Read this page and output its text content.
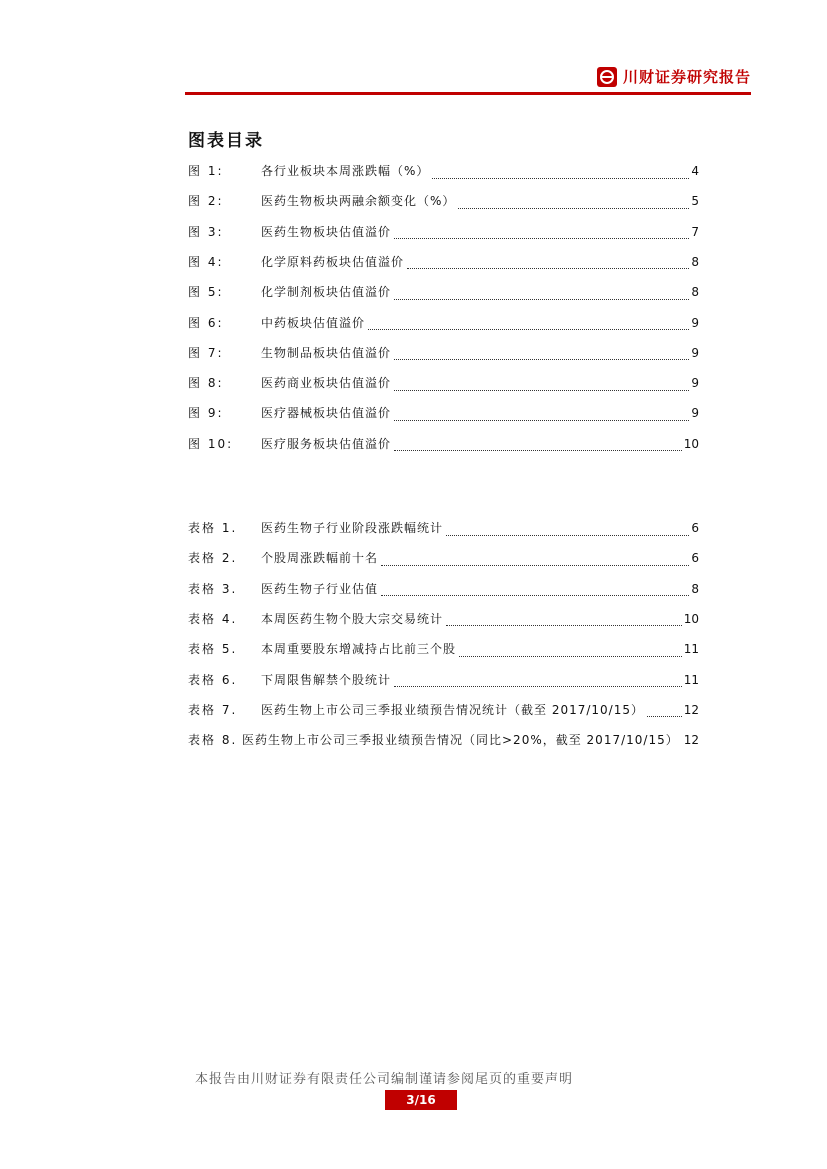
川财证券研究报告
图表目录
图 1:	各行业板块本周涨跌幅（%）	4
图 2:	医药生物板块两融余额变化（%）	5
图 3:	医药生物板块估值溢价	7
图 4:	化学原料药板块估值溢价	8
图 5:	化学制剂板块估值溢价	8
图 6:	中药板块估值溢价	9
图 7:	生物制品板块估值溢价	9
图 8:	医药商业板块估值溢价	9
图 9:	医疗器械板块估值溢价	9
图 10:	医疗服务板块估值溢价	10
表格 1.	医药生物子行业阶段涨跌幅统计	6
表格 2.	个股周涨跌幅前十名	6
表格 3.	医药生物子行业估值	8
表格 4.	本周医药生物个股大宗交易统计	10
表格 5.	本周重要股东增减持占比前三个股	11
表格 6.	下周限售解禁个股统计	11
表格 7.	医药生物上市公司三季报业绩预告情况统计（截至 2017/10/15）	12
表格 8. 医药生物上市公司三季报业绩预告情况（同比>20%，截至 2017/10/15） 12
本报告由川财证券有限责任公司编制谨请参阅尾页的重要声明
3/16
